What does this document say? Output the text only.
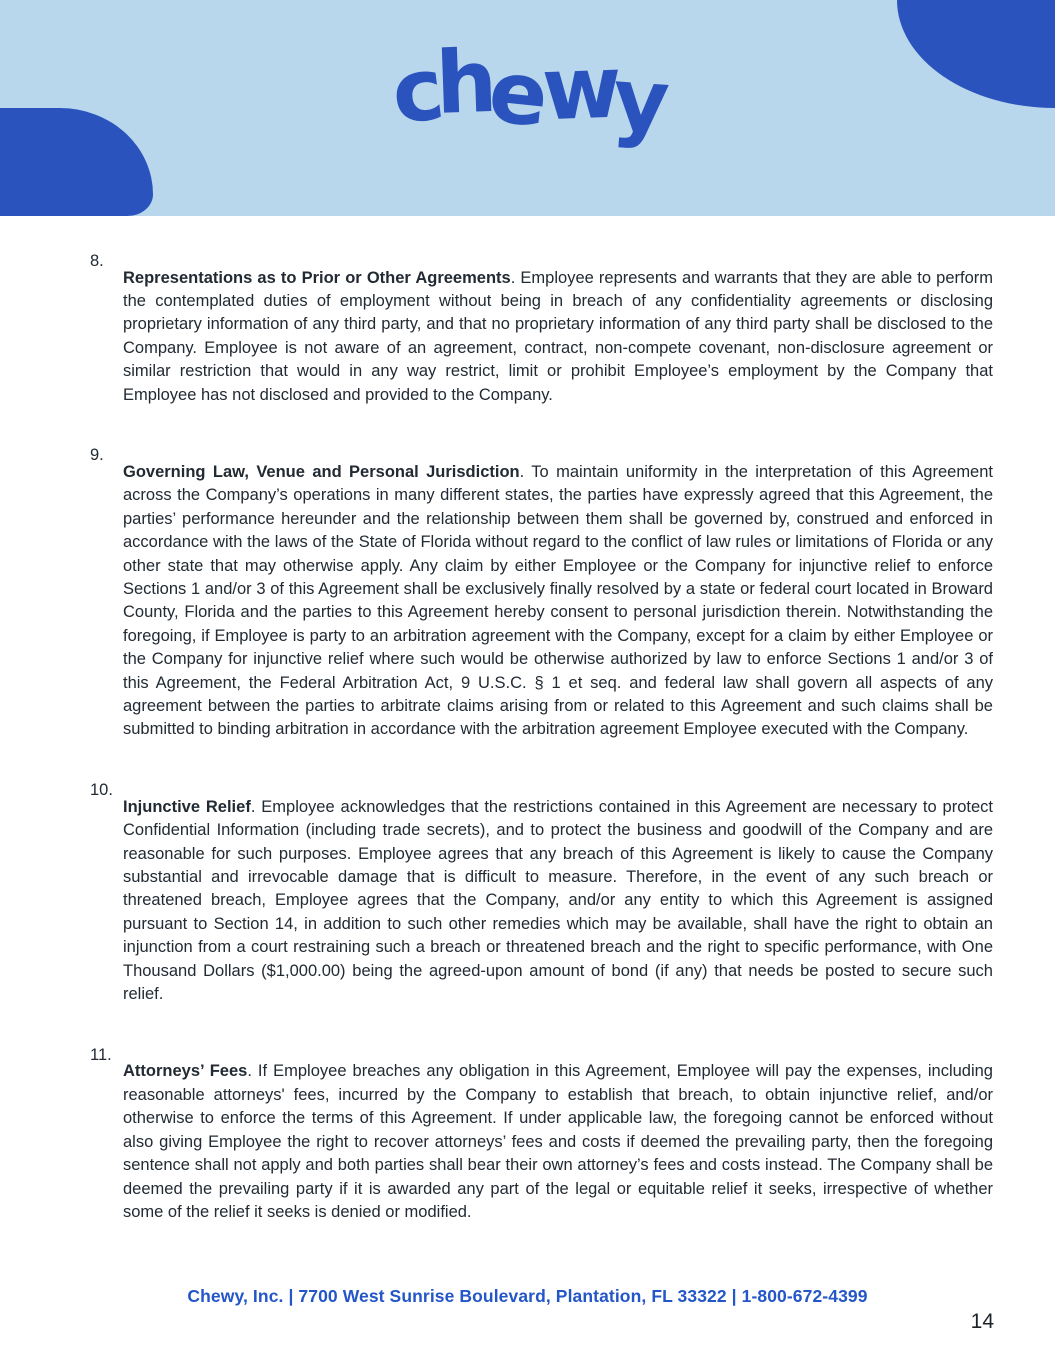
chewy
8.

Representations as to Prior or Other Agreements. Employee represents and warrants that they are able to perform the contemplated duties of employment without being in breach of any confidentiality agreements or disclosing proprietary information of any third party, and that no proprietary information of any third party shall be disclosed to the Company. Employee is not aware of an agreement, contract, non-compete covenant, non-disclosure agreement or similar restriction that would in any way restrict, limit or prohibit Employee’s employment by the Company that Employee has not disclosed and provided to the Company.

9.

Governing Law, Venue and Personal Jurisdiction. To maintain uniformity in the interpretation of this Agreement across the Company’s operations in many different states, the parties have expressly agreed that this Agreement, the parties’ performance hereunder and the relationship between them shall be governed by, construed and enforced in accordance with the laws of the State of Florida without regard to the conflict of law rules or limitations of Florida or any other state that may otherwise apply. Any claim by either Employee or the Company for injunctive relief to enforce Sections 1 and/or 3 of this Agreement shall be exclusively finally resolved by a state or federal court located in Broward County, Florida and the parties to this Agreement hereby consent to personal jurisdiction therein. Notwithstanding the foregoing, if Employee is party to an arbitration agreement with the Company, except for a claim by either Employee or the Company for injunctive relief where such would be otherwise authorized by law to enforce Sections 1 and/or 3 of this Agreement, the Federal Arbitration Act, 9 U.S.C. § 1 et seq. and federal law shall govern all aspects of any agreement between the parties to arbitrate claims arising from or related to this Agreement and such claims shall be submitted to binding arbitration in accordance with the arbitration agreement Employee executed with the Company.

10.

Injunctive Relief. Employee acknowledges that the restrictions contained in this Agreement are necessary to protect Confidential Information (including trade secrets), and to protect the business and goodwill of the Company and are reasonable for such purposes. Employee agrees that any breach of this Agreement is likely to cause the Company substantial and irrevocable damage that is difficult to measure. Therefore, in the event of any such breach or threatened breach, Employee agrees that the Company, and/or any entity to which this Agreement is assigned pursuant to Section 14, in addition to such other remedies which may be available, shall have the right to obtain an injunction from a court restraining such a breach or threatened breach and the right to specific performance, with One Thousand Dollars ($1,000.00) being the agreed-upon amount of bond (if any) that needs be posted to secure such relief.

11.

Attorneys’ Fees. If Employee breaches any obligation in this Agreement, Employee will pay the expenses, including reasonable attorneys' fees, incurred by the Company to establish that breach, to obtain injunctive relief, and/or otherwise to enforce the terms of this Agreement. If under applicable law, the foregoing cannot be enforced without also giving Employee the right to recover attorneys’ fees and costs if deemed the prevailing party, then the foregoing sentence shall not apply and both parties shall bear their own attorney’s fees and costs instead. The Company shall be deemed the prevailing party if it is awarded any part of the legal or equitable relief it seeks, irrespective of whether some of the relief it seeks is denied or modified.

Chewy, Inc. | 7700 West Sunrise Boulevard, Plantation, FL 33322 | 1-800-672-4399
14
